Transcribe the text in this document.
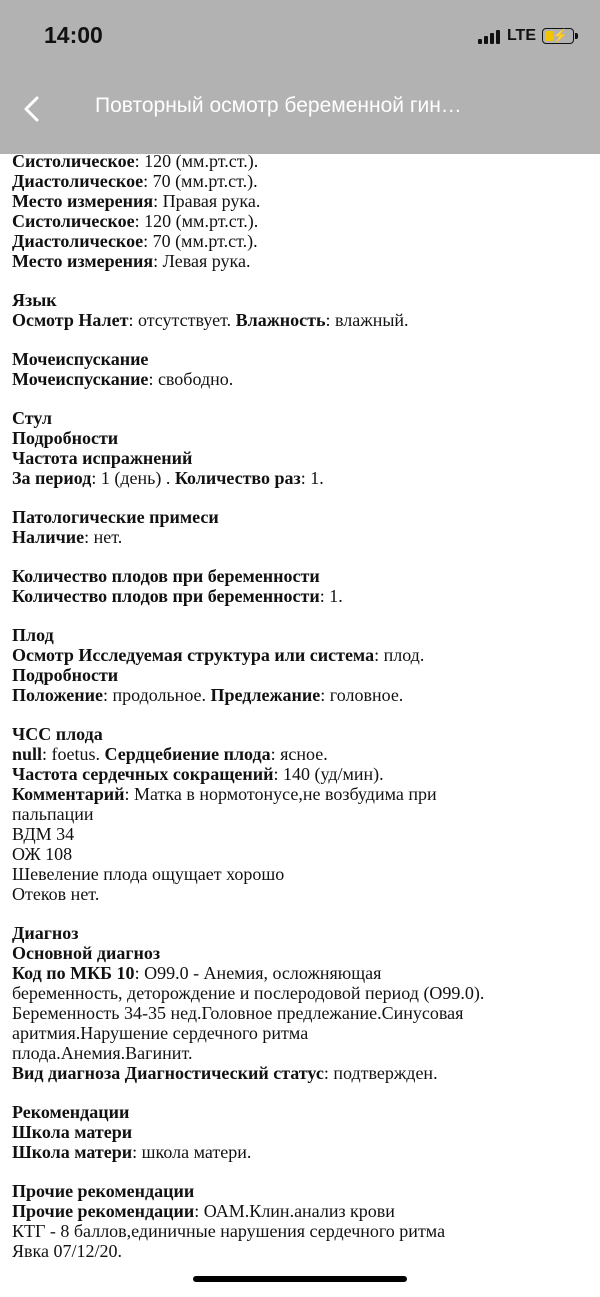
14:00	LTE ⚡
Повторный осмотр беременной гин…

Систолическое: 120 (мм.рт.ст.).

Диастолическое: 70 (мм.рт.ст.).

Место измерения: Правая рука.

Систолическое: 120 (мм.рт.ст.).

Диастолическое: 70 (мм.рт.ст.).

Место измерения: Левая рука.

Язык

Осмотр Налет: отсутствует. Влажность: влажный.

Мочеиспускание

Мочеиспускание: свободно.

Стул

Подробности

Частота испражнений

За период: 1 (день) . Количество раз: 1.

Патологические примеси

Наличие: нет.

Количество плодов при беременности

Количество плодов при беременности: 1.

Плод

Осмотр Исследуемая структура или система: плод.

Подробности

Положение: продольное. Предлежание: головное.

ЧСС плода

null: foetus. Сердцебиение плода: ясное.

Частота сердечных сокращений: 140 (уд/мин).

Комментарий: Матка в нормотонусе,не возбудима при

пальпации

ВДМ 34

ОЖ 108

Шевеление плода ощущает хорошо

Отеков нет.

Диагноз

Основной диагноз

Код по МКБ 10: O99.0 - Анемия, осложняющая

беременность, деторождение и послеродовой период (O99.0).

Беременность 34-35 нед.Головное предлежание.Синусовая

аритмия.Нарушение сердечного ритма

плода.Анемия.Вагинит.

Вид диагноза Диагностический статус: подтвержден.

Рекомендации

Школа матери

Школа матери: школа матери.

Прочие рекомендации

Прочие рекомендации: ОАМ.Клин.анализ крови

КТГ - 8 баллов,единичные нарушения сердечного ритма

Явка 07/12/20.
